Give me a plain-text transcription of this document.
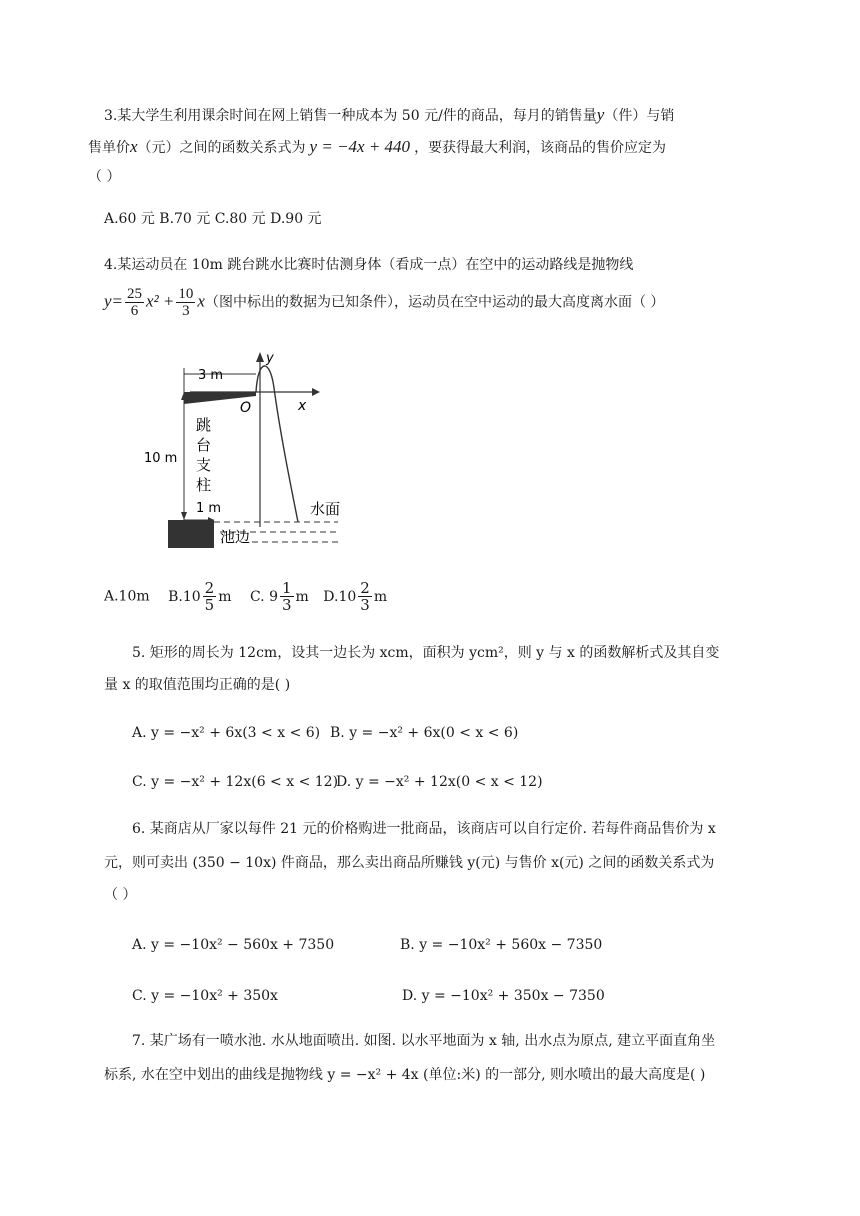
3.某大学生利用课余时间在网上销售一种成本为 50 元/件的商品，每月的销售量y（件）与销
售单价x（元）之间的函数关系式为 y = −4x + 440 ，要获得最大利润，该商品的售价应定为
（ ）
A.60 元 B.70 元 C.80 元 D.90 元
4.某运动员在 10m 跳台跳水比赛时估测身体（看成一点）在空中的运动路线是抛物线
$y= \frac{25}{6} x^2 + \frac{10}{3} x$（图中标出的数据为已知条件），运动员在空中运动的最大高度离水面（ ）
y
x
O
3 m
10 m
跳
台
支
柱
1 m
池边
水面
A.10m $B.10 \frac{2}{5}$ m C. $9 \frac{1}{3}$ m $D.10 \frac{2}{3}$ m
5. 矩形的周长为 12cm，设其一边长为 xcm，面积为 ycm²，则 y 与 x 的函数解析式及其自变
量 x 的取值范围均正确的是( )
A. y = −x² + 6x(3 < x < 6) B. y = −x² + 6x(0 < x < 6)
C. y = −x² + 12x(6 < x < 12)
D. y = −x² + 12x(0 < x < 12)
6. 某商店从厂家以每件 21 元的价格购进一批商品，该商店可以自行定价. 若每件商品售价为 x
元，则可卖出 (350 − 10x) 件商品，那么卖出商品所赚钱 y(元) 与售价 x(元) 之间的函数关系式为
（ ）
A. y = −10x² − 560x + 7350	B. y = −10x² + 560x − 7350
C. y = −10x² + 350x	D. y = −10x² + 350x − 7350
7. 某广场有一喷水池. 水从地面喷出. 如图. 以水平地面为 x 轴, 出水点为原点, 建立平面直角坐
标系, 水在空中划出的曲线是抛物线 y = −x² + 4x (单位:米) 的一部分, 则水喷出的最大高度是( )
